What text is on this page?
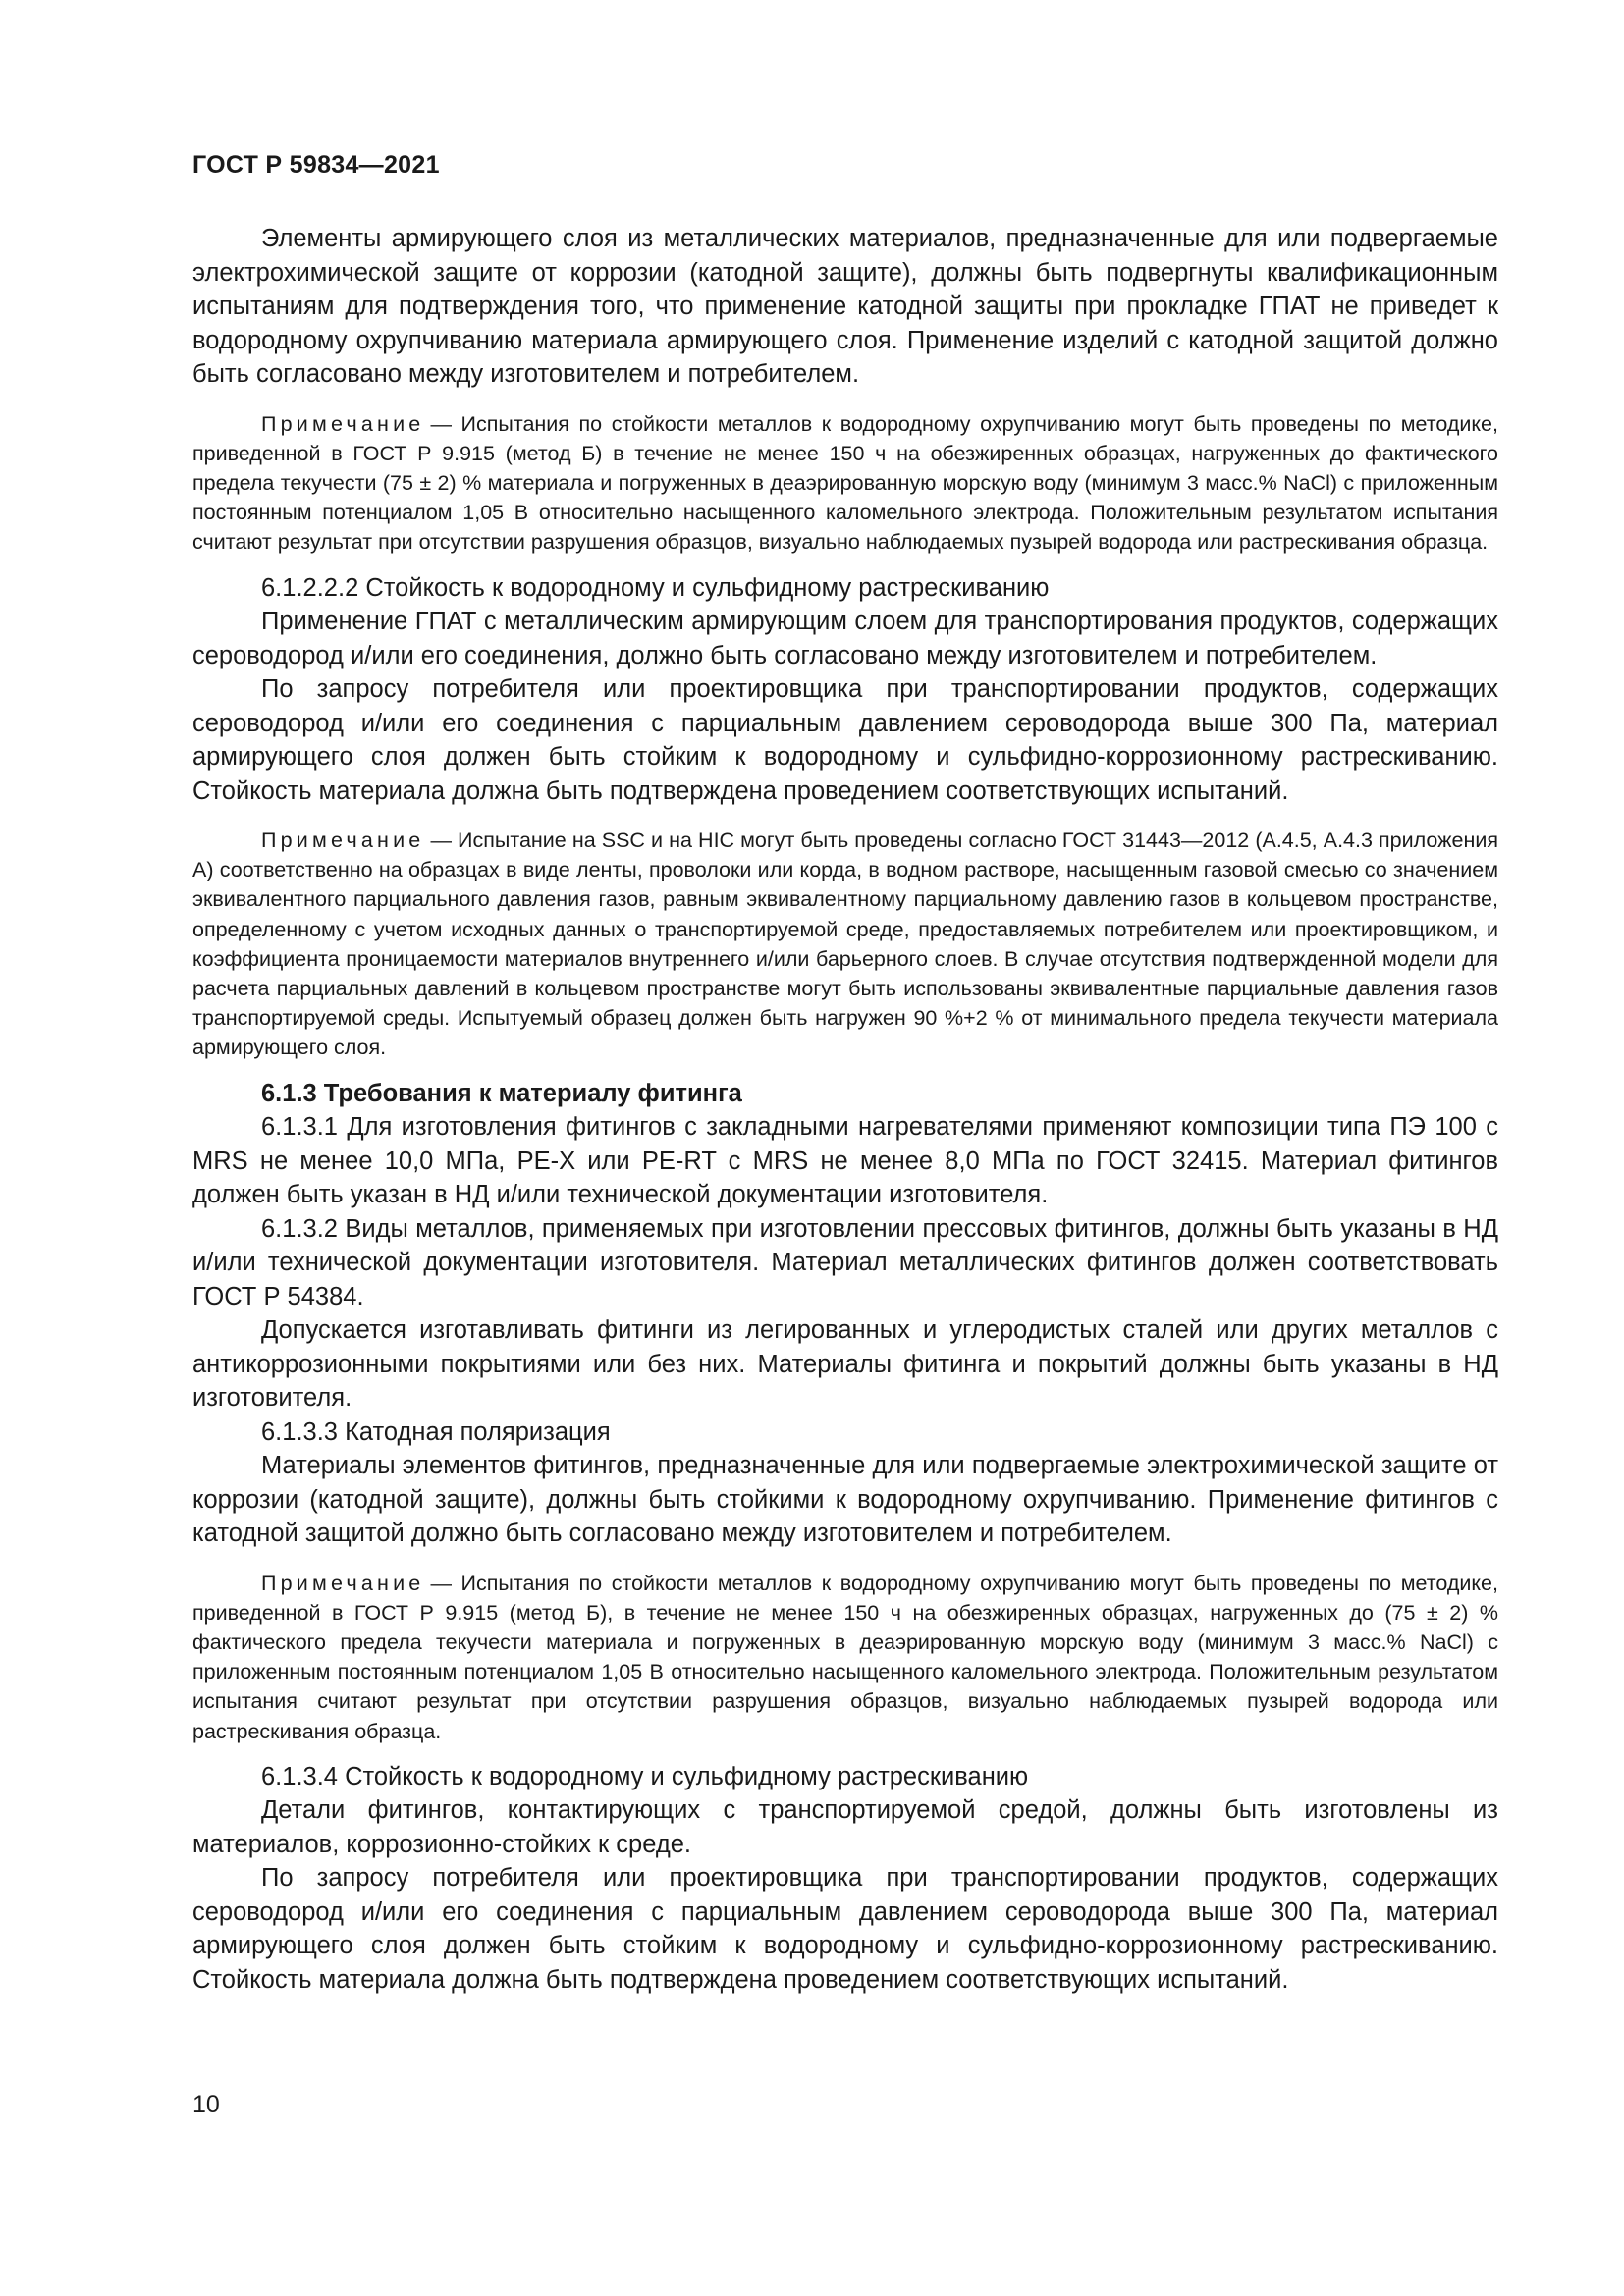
ГОСТ Р 59834—2021

Элементы армирующего слоя из металлических материалов, предназначенные для или подвергаемые электрохимической защите от коррозии (катодной защите), должны быть подвергнуты квалификационным испытаниям для подтверждения того, что применение катодной защиты при прокладке ГПАТ не приведет к водородному охрупчиванию материала армирующего слоя. Применение изделий с катодной защитой должно быть согласовано между изготовителем и потребителем.

Примечание — Испытания по стойкости металлов к водородному охрупчиванию могут быть проведены по методике, приведенной в ГОСТ Р 9.915 (метод Б) в течение не менее 150 ч на обезжиренных образцах, нагруженных до фактического предела текучести (75 ± 2) % материала и погруженных в деаэрированную морскую воду (минимум 3 масс.% NaCl) с приложенным постоянным потенциалом 1,05 В относительно насыщенного каломельного электрода. Положительным результатом испытания считают результат при отсутствии разрушения образцов, визуально наблюдаемых пузырей водорода или растрескивания образца.

6.1.2.2.2 Стойкость к водородному и сульфидному растрескиванию

Применение ГПАТ с металлическим армирующим слоем для транспортирования продуктов, содержащих сероводород и/или его соединения, должно быть согласовано между изготовителем и потребителем.

По запросу потребителя или проектировщика при транспортировании продуктов, содержащих сероводород и/или его соединения с парциальным давлением сероводорода выше 300 Па, материал армирующего слоя должен быть стойким к водородному и сульфидно-коррозионному растрескиванию. Стойкость материала должна быть подтверждена проведением соответствующих испытаний.

Примечание — Испытание на SSC и на HIC могут быть проведены согласно ГОСТ 31443—2012 (А.4.5, А.4.3 приложения А) соответственно на образцах в виде ленты, проволоки или корда, в водном растворе, насыщенным газовой смесью со значением эквивалентного парциального давления газов, равным эквивалентному парциальному давлению газов в кольцевом пространстве, определенному с учетом исходных данных о транспортируемой среде, предоставляемых потребителем или проектировщиком, и коэффициента проницаемости материалов внутреннего и/или барьерного слоев. В случае отсутствия подтвержденной модели для расчета парциальных давлений в кольцевом пространстве могут быть использованы эквивалентные парциальные давления газов транспортируемой среды. Испытуемый образец должен быть нагружен 90 %+2 % от минимального предела текучести материала армирующего слоя.

6.1.3 Требования к материалу фитинга

6.1.3.1 Для изготовления фитингов с закладными нагревателями применяют композиции типа ПЭ 100 с MRS не менее 10,0 МПа, PE-X или PE-RT с MRS не менее 8,0 МПа по ГОСТ 32415. Материал фитингов должен быть указан в НД и/или технической документации изготовителя.

6.1.3.2 Виды металлов, применяемых при изготовлении прессовых фитингов, должны быть указаны в НД и/или технической документации изготовителя. Материал металлических фитингов должен соответствовать ГОСТ Р 54384.

Допускается изготавливать фитинги из легированных и углеродистых сталей или других металлов с антикоррозионными покрытиями или без них. Материалы фитинга и покрытий должны быть указаны в НД изготовителя.

6.1.3.3 Катодная поляризация

Материалы элементов фитингов, предназначенные для или подвергаемые электрохимической защите от коррозии (катодной защите), должны быть стойкими к водородному охрупчиванию. Применение фитингов с катодной защитой должно быть согласовано между изготовителем и потребителем.

Примечание — Испытания по стойкости металлов к водородному охрупчиванию могут быть проведены по методике, приведенной в ГОСТ Р 9.915 (метод Б), в течение не менее 150 ч на обезжиренных образцах, нагруженных до (75 ± 2) % фактического предела текучести материала и погруженных в деаэрированную морскую воду (минимум 3 масс.% NaCl) с приложенным постоянным потенциалом 1,05 В относительно насыщенного каломельного электрода. Положительным результатом испытания считают результат при отсутствии разрушения образцов, визуально наблюдаемых пузырей водорода или растрескивания образца.

6.1.3.4 Стойкость к водородному и сульфидному растрескиванию

Детали фитингов, контактирующих с транспортируемой средой, должны быть изготовлены из материалов, коррозионно-стойких к среде.

По запросу потребителя или проектировщика при транспортировании продуктов, содержащих сероводород и/или его соединения с парциальным давлением сероводорода выше 300 Па, материал армирующего слоя должен быть стойким к водородному и сульфидно-коррозионному растрескиванию. Стойкость материала должна быть подтверждена проведением соответствующих испытаний.

10
